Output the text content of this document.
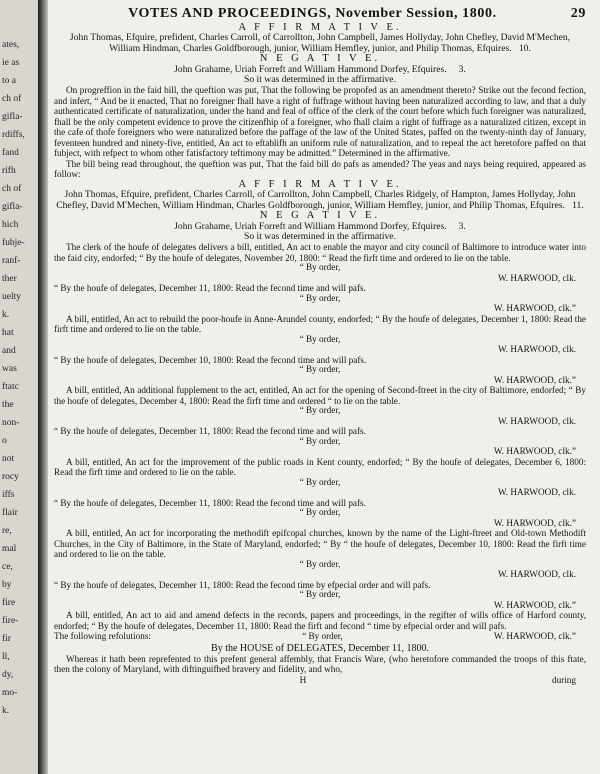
ates,
ie as
to a
ch of
gifla-
rdiffs,
fand
rifh
ch of
gifla-
hich
fubje-
ranf-
ther
uelty
k.
hat
and
was
ftatc
the
non-
o
not
rocy
iffs
flair
re,
mal
ce,
by
fire
fire-
fir
ll,
dy,
mo-
k.
VOTES AND PROCEEDINGS, November Session, 1800.	29
A F F I R M A T I V E.
John Thomas, Efquire, prefident, Charles Carroll, of Carrollton, John Campbell, James Hollyday, John Chefley, David M'Mechen, William Hindman, Charles Goldfborough, junior, William Hemfley, junior, and Philip Thomas, Efquires. 10.
N E G A T I V E.
John Grahame, Uriah Forreft and William Hammond Dorfey, Efquires. 3.
So it was determined in the affirmative.

On progreffion in the faid bill, the queftion was put, That the following be propofed as an amendment thereto? Strike out the fecond fection, and infert, “ And be it enacted, That no foreigner fhall have a right of fuffrage without having been naturalized according to law, and that a duly authenticated certificate of naturalization, under the hand and feal of office of the clerk of the court before which fuch foreigner was naturalized, fhall be the only competent evidence to prove the citizenfhip of a foreigner, who fhall claim a right of fuffrage as a naturalized citizen, except in the cafe of thofe foreigners who were naturalized before the paffage of the law of the United States, paffed on the twenty-ninth day of January, feventeen hundred and ninety-five, entitled, An act to eftablifh an uniform rule of naturalization, and to repeal the act heretofore paffed on that fubject, with refpect to whom other fatisfactory teftimony may be admitted.” Determined in the affirmative.

The bill being read throughout, the queftion was put, That the faid bill do pafs as amended? The yeas and nays being required, appeared as follow:

A F F I R M A T I V E.
John Thomas, Efquire, prefident, Charles Carroll, of Carrollton, John Campbell, Charles Ridgely, of Hampton, James Hollyday, John Chefley, David M'Mechen, William Hindman, Charles Goldfborough, junior, William Hemfley, junior, and Philip Thomas, Efquires. 11.
N E G A T I V E.
John Grahame, Uriah Forreft and William Hammond Dorfey, Efquires. 3.
So it was determined in the affirmative.

The clerk of the houfe of delegates delivers a bill, entitled, An act to enable the mayor and city council of Baltimore to introduce water into the faid city, endorfed; “ By the houfe of delegates, November 20, 1800: “ Read the firft time and ordered to lie on the table.

“ By order,
W. HARWOOD, clk.
“ By the houfe of delegates, December 11, 1800: Read the fecond time and will pafs.
“ By order,
W. HARWOOD, clk.”

A bill, entitled, An act to rebuild the poor-houfe in Anne-Arundel county, endorfed; “ By the houfe of delegates, December 1, 1800: Read the firft time and ordered to lie on the table.

“ By order,
W. HARWOOD, clk.
“ By the houfe of delegates, December 10, 1800: Read the fecond time and will pafs.
“ By order,
W. HARWOOD, clk.”

A bill, entitled, An additional fupplement to the act, entitled, An act for the opening of Second-ftreet in the city of Baltimore, endorfed; “ By the houfe of delegates, December 4, 1800: Read the firft time and ordered “ to lie on the table.

“ By order,
W. HARWOOD, clk.
“ By the houfe of delegates, December 11, 1800: Read the fecond time and will pafs.
“ By order,
W. HARWOOD, clk.”

A bill, entitled, An act for the improvement of the public roads in Kent county, endorfed; “ By the houfe of delegates, December 6, 1800: Read the firft time and ordered to lie on the table.

“ By order,
W. HARWOOD, clk.
“ By the houfe of delegates, December 11, 1800: Read the fecond time and will pafs.
“ By order,
W. HARWOOD, clk.”

A bill, entitled, An act for incorporating the methodift epifcopal churches, known by the name of the Light-ftreet and Old-town Methodift Churches, in the City of Baltimore, in the State of Maryland, endorfed; “ By “ the houfe of delegates, December 10, 1800: Read the firft time and ordered to lie on the table.

“ By order,
W. HARWOOD, clk.
“ By the houfe of delegates, December 11, 1800: Read the fecond time by efpecial order and will pafs.
“ By order,
W. HARWOOD, clk.”

A bill, entitled, An act to aid and amend defects in the records, papers and proceedings, in the regifter of wills office of Harford county, endorfed; “ By the houfe of delegates, December 11, 1800: Read the firft and fecond “ time by efpecial order and will pafs.

The following refolutions:	“ By order,	W. HARWOOD, clk.”
By the HOUSE of DELEGATES, December 11, 1800.

Whereas it hath been reprefented to this prefent general affembly, that Francis Ware, (who heretofore commanded the troops of this ftate, then the colony of Maryland, with diftinguifhed bravery and fidelity, and who,

H	during
